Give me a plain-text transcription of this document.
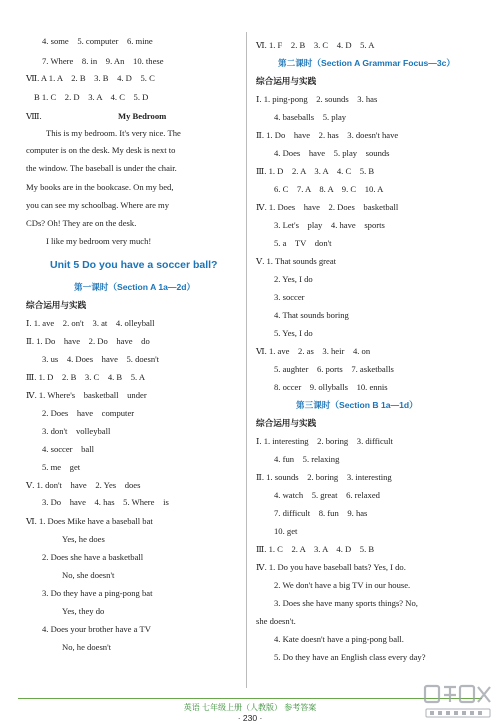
4. some    5. computer    6. mine
7. Where    8. in    9. An    10. these
Ⅶ. A 1. A    2. B    3. B    4. D    5. C
B 1. C    2. D    3. A    4. C    5. D
Ⅷ.	My Bedroom
This is my bedroom. It's very nice. The
computer is on the desk. My desk is next to
the window. The baseball is under the chair.
My books are in the bookcase. On my bed,
you can see my schoolbag. Where are my
CDs? Oh! They are on the desk.
I like my bedroom very much!
Unit 5 Do you have a soccer ball?
第一课时（Section A 1a—2d）
综合运用与实践
Ⅰ. 1. ave    2. on't    3. at    4. olleyball
Ⅱ. 1. Do    have    2. Do    have    do
3. us    4. Does    have    5. doesn't
Ⅲ. 1. D    2. B    3. C    4. B    5. A
Ⅳ. 1. Where's    basketball    under
2. Does    have    computer
3. don't    volleyball
4. soccer    ball
5. me    get
Ⅴ. 1. don't    have    2. Yes    does
3. Do    have    4. has    5. Where    is
Ⅵ. 1. Does Mike have a baseball bat
Yes, he does
2. Does she have a basketball
No, she doesn't
3. Do they have a ping-pong bat
Yes, they do
4. Does your brother have a TV
No, he doesn't
Ⅵ. 1. F    2. B    3. C    4. D    5. A
第二课时（Section A Grammar Focus—3c）
综合运用与实践
Ⅰ. 1. ping-pong    2. sounds    3. has
4. baseballs    5. play
Ⅱ. 1. Do    have    2. has    3. doesn't have
4. Does    have    5. play    sounds
Ⅲ. 1. D    2. A    3. A    4. C    5. B
6. C    7. A    8. A    9. C    10. A
Ⅳ. 1. Does    have    2. Does    basketball
3. Let's    play    4. have    sports
5. a    TV    don't
Ⅴ. 1. That sounds great
2. Yes, I do
3. soccer
4. That sounds boring
5. Yes, I do
Ⅵ. 1. ave    2. as    3. heir    4. on
5. aughter    6. ports    7. asketballs
8. occer    9. ollyballs    10. ennis
第三课时（Section B 1a—1d）
综合运用与实践
Ⅰ. 1. interesting    2. boring    3. difficult
4. fun    5. relaxing
Ⅱ. 1. sounds    2. boring    3. interesting
4. watch    5. great    6. relaxed
7. difficult    8. fun    9. has
10. get
Ⅲ. 1. C    2. A    3. A    4. D    5. B
Ⅳ. 1. Do you have baseball bats? Yes, I do.
2. We don't have a big TV in our house.
3. Does she have many sports things? No,
she doesn't.
4. Kate doesn't have a ping-pong ball.
5. Do they have an English class every day?
英语 七年级上册（人教版） 参考答案
· 230 ·
